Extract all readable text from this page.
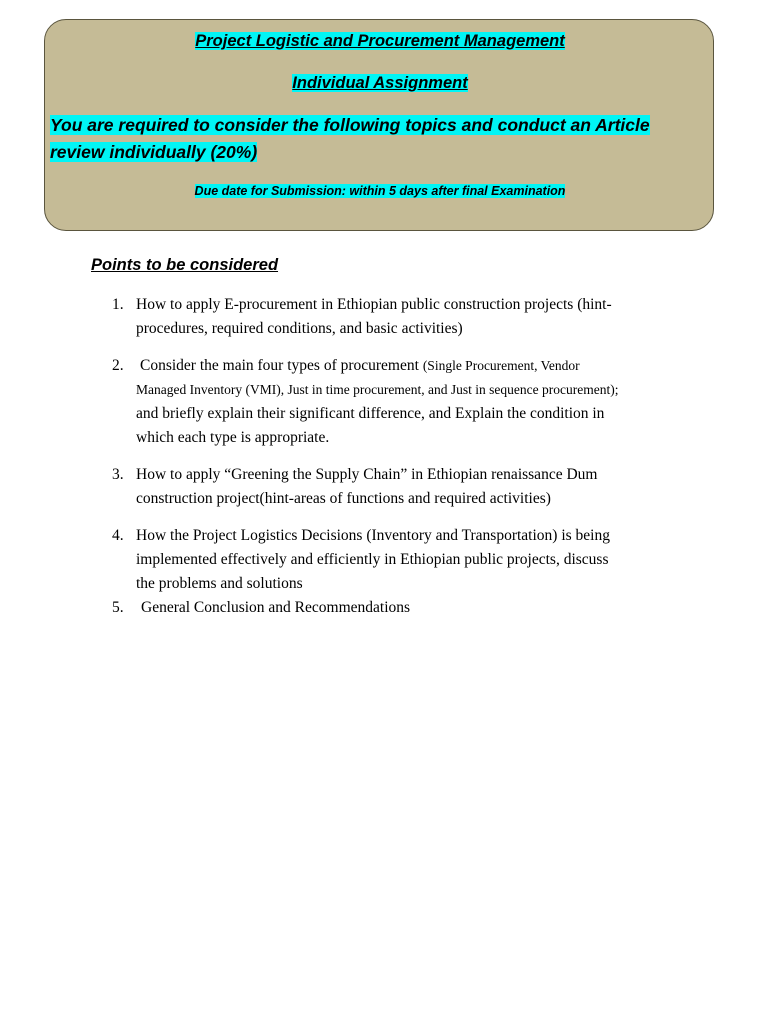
Project Logistic and Procurement Management
Individual Assignment
You are required to consider the following topics and conduct an Article review individually (20%)
Due date for Submission: within 5 days after final Examination
Points to be considered
1. How to apply E-procurement in Ethiopian public construction projects (hint-
procedures, required conditions, and basic activities)
2. Consider the main four types of procurement (Single Procurement, Vendor
Managed Inventory (VMI), Just in time procurement, and Just in sequence procurement);
and briefly explain their significant difference, and Explain the condition in
which each type is appropriate.
3. How to apply “Greening the Supply Chain” in Ethiopian renaissance Dum
construction project(hint-areas of functions and required activities)
4. How the Project Logistics Decisions (Inventory and Transportation) is being
implemented effectively and efficiently in Ethiopian public projects, discuss
the problems and solutions
5. General Conclusion and Recommendations
